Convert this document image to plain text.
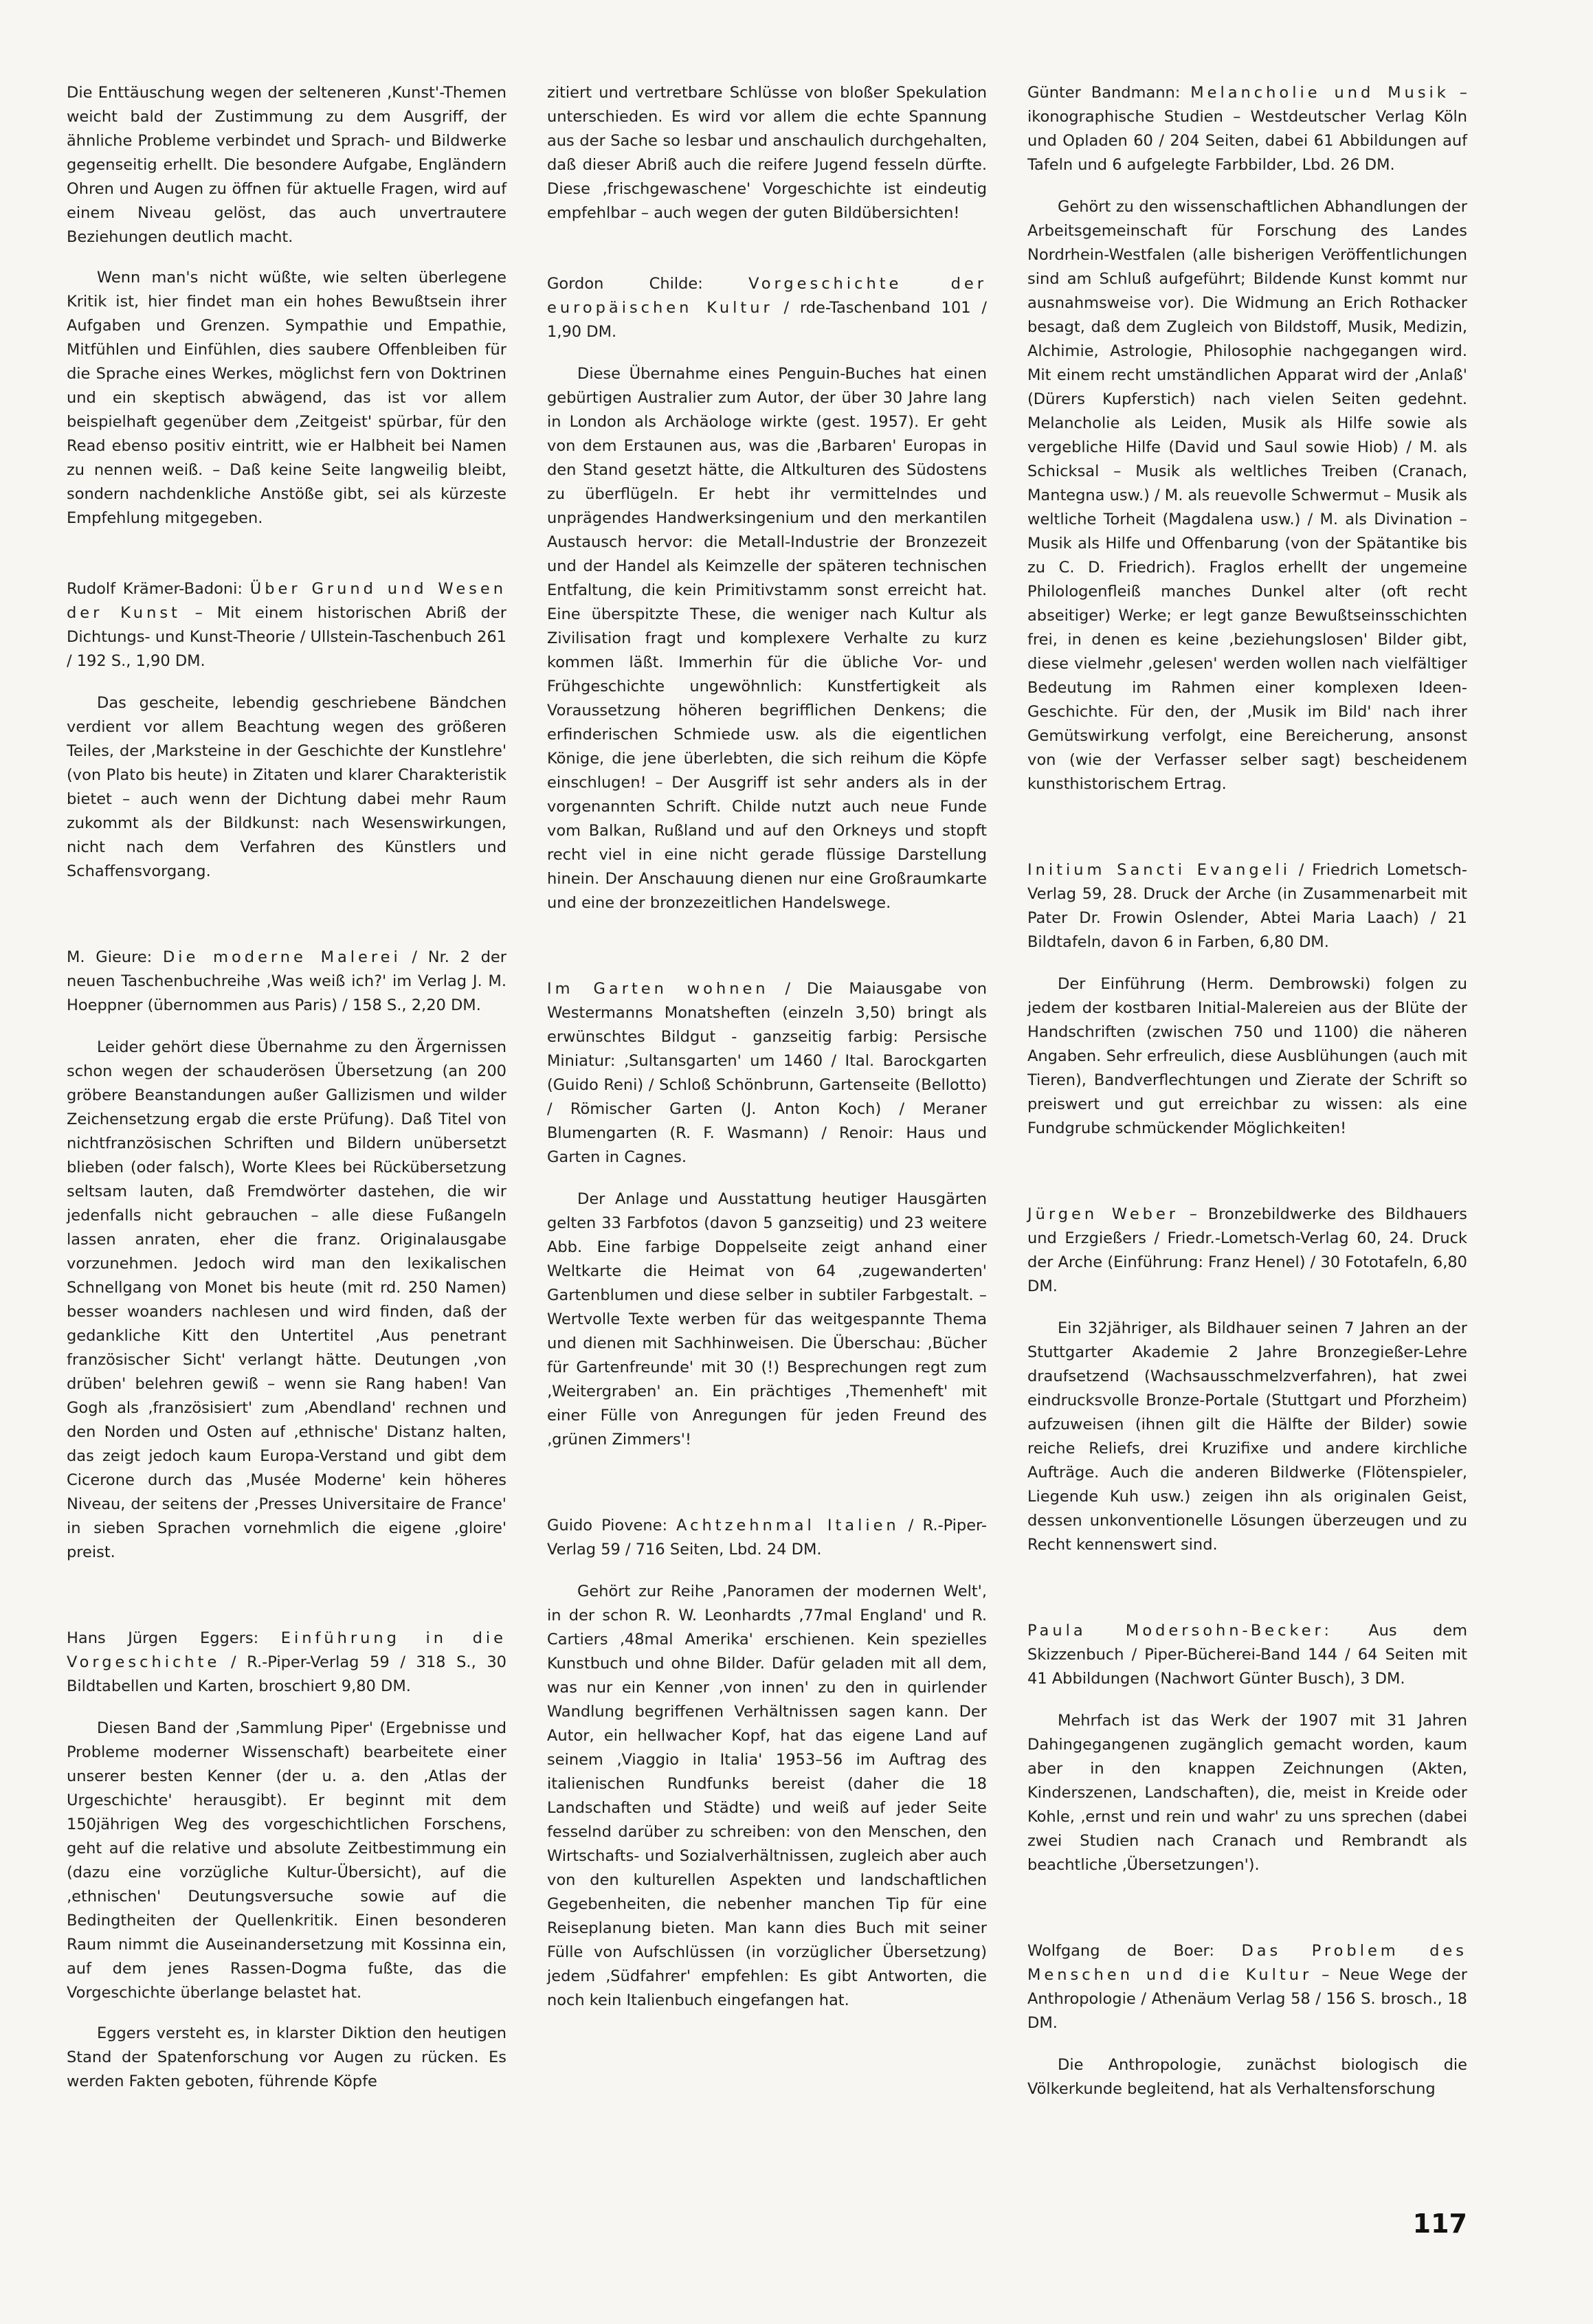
Die Enttäuschung wegen der selteneren ‚Kunst'-Themen weicht bald der Zustimmung zu dem Ausgriff, der ähnliche Probleme verbindet und Sprach- und Bildwerke gegenseitig erhellt. Die besondere Aufgabe, Engländern Ohren und Augen zu öffnen für aktuelle Fragen, wird auf einem Niveau gelöst, das auch unvertrautere Beziehungen deutlich macht.

Wenn man's nicht wüßte, wie selten überlegene Kritik ist, hier findet man ein hohes Bewußtsein ihrer Aufgaben und Grenzen. Sympathie und Empathie, Mitfühlen und Einfühlen, dies saubere Offenbleiben für die Sprache eines Werkes, möglichst fern von Doktrinen und ein skeptisch abwägend, das ist vor allem beispielhaft gegenüber dem ‚Zeitgeist' spürbar, für den Read ebenso positiv eintritt, wie er Halbheit bei Namen zu nennen weiß. – Daß keine Seite langweilig bleibt, sondern nachdenkliche Anstöße gibt, sei als kürzeste Empfehlung mitgegeben.

Rudolf Krämer-Badoni: Über Grund und Wesen der Kunst – Mit einem historischen Abriß der Dichtungs- und Kunst-Theorie / Ullstein-Taschenbuch 261 / 192 S., 1,90 DM.

Das gescheite, lebendig geschriebene Bändchen verdient vor allem Beachtung wegen des größeren Teiles, der ‚Marksteine in der Geschichte der Kunstlehre' (von Plato bis heute) in Zitaten und klarer Charakteristik bietet – auch wenn der Dichtung dabei mehr Raum zukommt als der Bildkunst: nach Wesenswirkungen, nicht nach dem Verfahren des Künstlers und Schaffensvorgang.

M. Gieure: Die moderne Malerei / Nr. 2 der neuen Taschenbuchreihe ‚Was weiß ich?' im Verlag J. M. Hoeppner (übernommen aus Paris) / 158 S., 2,20 DM.

Leider gehört diese Übernahme zu den Ärgernissen schon wegen der schauderösen Übersetzung (an 200 gröbere Beanstandungen außer Gallizismen und wilder Zeichensetzung ergab die erste Prüfung). Daß Titel von nichtfranzösischen Schriften und Bildern unübersetzt blieben (oder falsch), Worte Klees bei Rückübersetzung seltsam lauten, daß Fremdwörter dastehen, die wir jedenfalls nicht gebrauchen – alle diese Fußangeln lassen anraten, eher die franz. Originalausgabe vorzunehmen. Jedoch wird man den lexikalischen Schnellgang von Monet bis heute (mit rd. 250 Namen) besser woanders nachlesen und wird finden, daß der gedankliche Kitt den Untertitel ‚Aus penetrant französischer Sicht' verlangt hätte. Deutungen ‚von drüben' belehren gewiß – wenn sie Rang haben! Van Gogh als ‚französisiert' zum ‚Abendland' rechnen und den Norden und Osten auf ‚ethnische' Distanz halten, das zeigt jedoch kaum Europa-Verstand und gibt dem Cicerone durch das ‚Musée Moderne' kein höheres Niveau, der seitens der ‚Presses Universitaire de France' in sieben Sprachen vornehmlich die eigene ‚gloire' preist.

Hans Jürgen Eggers: Einführung in die Vorgeschichte / R.-Piper-Verlag 59 / 318 S., 30 Bildtabellen und Karten, broschiert 9,80 DM.

Diesen Band der ‚Sammlung Piper' (Ergebnisse und Probleme moderner Wissenschaft) bearbeitete einer unserer besten Kenner (der u. a. den ‚Atlas der Urgeschichte' herausgibt). Er beginnt mit dem 150jährigen Weg des vorgeschichtlichen Forschens, geht auf die relative und absolute Zeitbestimmung ein (dazu eine vorzügliche Kultur-Übersicht), auf die ‚ethnischen' Deutungsversuche sowie auf die Bedingtheiten der Quellenkritik. Einen besonderen Raum nimmt die Auseinandersetzung mit Kossinna ein, auf dem jenes Rassen-Dogma fußte, das die Vorgeschichte überlange belastet hat.

Eggers versteht es, in klarster Diktion den heutigen Stand der Spatenforschung vor Augen zu rücken. Es werden Fakten geboten, führende Köpfe

zitiert und vertretbare Schlüsse von bloßer Spekulation unterschieden. Es wird vor allem die echte Spannung aus der Sache so lesbar und anschaulich durchgehalten, daß dieser Abriß auch die reifere Jugend fesseln dürfte. Diese ‚frischgewaschene' Vorgeschichte ist eindeutig empfehlbar – auch wegen der guten Bildübersichten!

Gordon Childe:	Vorgeschichte der europäischen Kultur / rde-Taschenband 101 / 1,90 DM.

Diese Übernahme eines Penguin-Buches hat einen gebürtigen Australier zum Autor, der über 30 Jahre lang in London als Archäologe wirkte (gest. 1957). Er geht von dem Erstaunen aus, was die ‚Barbaren' Europas in den Stand gesetzt hätte, die Altkulturen des Südostens zu überflügeln. Er hebt ihr vermittelndes und unprägendes Handwerksingenium und den merkantilen Austausch hervor: die Metall-Industrie der Bronzezeit und der Handel als Keimzelle der späteren technischen Entfaltung, die kein Primitivstamm sonst erreicht hat. Eine überspitzte These, die weniger nach Kultur als Zivilisation fragt und komplexere Verhalte zu kurz kommen läßt. Immerhin für die übliche Vor- und Frühgeschichte ungewöhnlich: Kunstfertigkeit als Voraussetzung höheren begrifflichen Denkens; die erfinderischen Schmiede usw. als die eigentlichen Könige, die jene überlebten, die sich reihum die Köpfe einschlugen! – Der Ausgriff ist sehr anders als in der vorgenannten Schrift. Childe nutzt auch neue Funde vom Balkan, Rußland und auf den Orkneys und stopft recht viel in eine nicht gerade flüssige Darstellung hinein. Der Anschauung dienen nur eine Großraumkarte und eine der bronzezeitlichen Handelswege.

Im Garten wohnen / Die Maiausgabe von Westermanns Monatsheften (einzeln 3,50) bringt als erwünschtes Bildgut - ganzseitig farbig: Persische Miniatur: ‚Sultansgarten' um 1460 / Ital. Barockgarten (Guido Reni) / Schloß Schönbrunn, Gartenseite (Bellotto) / Römischer Garten (J. Anton Koch) / Meraner Blumengarten (R. F. Wasmann) / Renoir: Haus und Garten in Cagnes.

Der Anlage und Ausstattung heutiger Hausgärten gelten 33 Farbfotos (davon 5 ganzseitig) und 23 weitere Abb. Eine farbige Doppelseite zeigt anhand einer Weltkarte die Heimat von 64 ‚zugewanderten' Gartenblumen und diese selber in subtiler Farbgestalt. – Wertvolle Texte werben für das weitgespannte Thema und dienen mit Sachhinweisen. Die Überschau: ‚Bücher für Gartenfreunde' mit 30 (!) Besprechungen regt zum ‚Weitergraben' an. Ein prächtiges ‚Themenheft' mit einer Fülle von Anregungen für jeden Freund des ‚grünen Zimmers'!

Guido Piovene: Achtzehnmal Italien / R.-Piper-Verlag 59 / 716 Seiten, Lbd. 24 DM.

Gehört zur Reihe ‚Panoramen der modernen Welt', in der schon R. W. Leonhardts ‚77mal England' und R. Cartiers ‚48mal Amerika' erschienen. Kein spezielles Kunstbuch und ohne Bilder. Dafür geladen mit all dem, was nur ein Kenner ‚von innen' zu den in quirlender Wandlung begriffenen Verhältnissen sagen kann. Der Autor, ein hellwacher Kopf, hat das eigene Land auf seinem ‚Viaggio in Italia' 1953–56 im Auftrag des italienischen Rundfunks bereist (daher die 18 Landschaften und Städte) und weiß auf jeder Seite fesselnd darüber zu schreiben: von den Menschen, den Wirtschafts- und Sozialverhältnissen, zugleich aber auch von den kulturellen Aspekten und landschaftlichen Gegebenheiten, die nebenher manchen Tip für eine Reiseplanung bieten. Man kann dies Buch mit seiner Fülle von Aufschlüssen (in vorzüglicher Übersetzung) jedem ‚Südfahrer' empfehlen: Es gibt Antworten, die noch kein Italienbuch eingefangen hat.

Günter Bandmann: Melancholie und Musik – ikonographische Studien – Westdeutscher Verlag Köln und Opladen 60 / 204 Seiten, dabei 61 Abbildungen auf Tafeln und 6 aufgelegte Farbbilder, Lbd. 26 DM.

Gehört zu den wissenschaftlichen Abhandlungen der Arbeitsgemeinschaft für Forschung des Landes Nordrhein-Westfalen (alle bisherigen Veröffentlichungen sind am Schluß aufgeführt; Bildende Kunst kommt nur ausnahmsweise vor). Die Widmung an Erich Rothacker besagt, daß dem Zugleich von Bildstoff, Musik, Medizin, Alchimie, Astrologie, Philosophie nachgegangen wird. Mit einem recht umständlichen Apparat wird der ‚Anlaß' (Dürers Kupferstich) nach vielen Seiten gedehnt. Melancholie als Leiden, Musik als Hilfe sowie als vergebliche Hilfe (David und Saul sowie Hiob) / M. als Schicksal – Musik als weltliches Treiben (Cranach, Mantegna usw.) / M. als reuevolle Schwermut – Musik als weltliche Torheit (Magdalena usw.) / M. als Divination – Musik als Hilfe und Offenbarung (von der Spätantike bis zu C. D. Friedrich). Fraglos erhellt der ungemeine Philologenfleiß manches Dunkel alter (oft recht abseitiger) Werke; er legt ganze Bewußtseinsschichten frei, in denen es keine ‚beziehungslosen' Bilder gibt, diese vielmehr ‚gelesen' werden wollen nach vielfältiger Bedeutung im Rahmen einer komplexen Ideen-Geschichte. Für den, der ‚Musik im Bild' nach ihrer Gemütswirkung verfolgt, eine Bereicherung, ansonst von (wie der Verfasser selber sagt) bescheidenem kunsthistorischem Ertrag.

Initium Sancti Evangeli / Friedrich Lometsch-Verlag 59, 28. Druck der Arche (in Zusammenarbeit mit Pater Dr. Frowin Oslender, Abtei Maria Laach) / 21 Bildtafeln, davon 6 in Farben, 6,80 DM.

Der Einführung (Herm. Dembrowski) folgen zu jedem der kostbaren Initial-Malereien aus der Blüte der Handschriften (zwischen 750 und 1100) die näheren Angaben. Sehr erfreulich, diese Ausblühungen (auch mit Tieren), Bandverflechtungen und Zierate der Schrift so preiswert und gut erreichbar zu wissen: als eine Fundgrube schmückender Möglichkeiten!

Jürgen Weber – Bronzebildwerke des Bildhauers und Erzgießers / Friedr.-Lometsch-Verlag 60, 24. Druck der Arche (Einführung: Franz Henel) / 30 Fototafeln, 6,80 DM.

Ein 32jähriger, als Bildhauer seinen 7 Jahren an der Stuttgarter Akademie 2 Jahre Bronzegießer-Lehre draufsetzend (Wachsausschmelzverfahren), hat zwei eindrucksvolle Bronze-Portale (Stuttgart und Pforzheim) aufzuweisen (ihnen gilt die Hälfte der Bilder) sowie reiche Reliefs, drei Kruzifixe und andere kirchliche Aufträge. Auch die anderen Bildwerke (Flötenspieler, Liegende Kuh usw.) zeigen ihn als originalen Geist, dessen unkonventionelle Lösungen überzeugen und zu Recht kennenswert sind.

Paula Modersohn-Becker: Aus dem Skizzenbuch / Piper-Bücherei-Band 144 / 64 Seiten mit 41 Abbildungen (Nachwort Günter Busch), 3 DM.

Mehrfach ist das Werk der 1907 mit 31 Jahren Dahingegangenen zugänglich gemacht worden, kaum aber in den knappen Zeichnungen (Akten, Kinderszenen, Landschaften), die, meist in Kreide oder Kohle, ‚ernst und rein und wahr' zu uns sprechen (dabei zwei Studien nach Cranach und Rembrandt als beachtliche ‚Übersetzungen').

Wolfgang de Boer: Das Problem des Menschen und die Kultur – Neue Wege der Anthropologie / Athenäum Verlag 58 / 156 S. brosch., 18 DM.

Die Anthropologie, zunächst biologisch die Völkerkunde begleitend, hat als Verhaltensforschung

117
